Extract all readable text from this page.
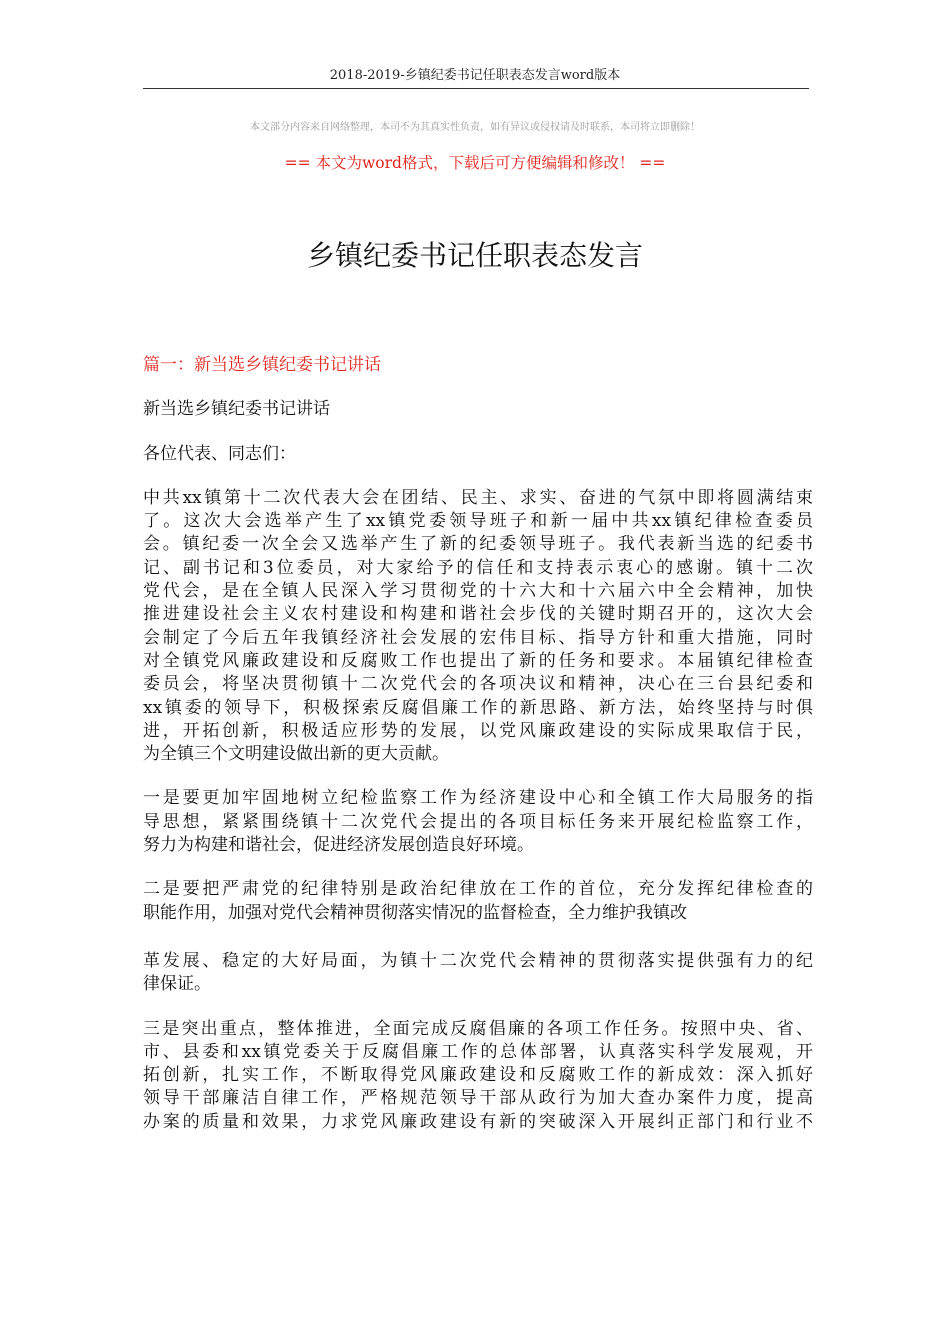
2018-2019-乡镇纪委书记任职表态发言word版本
本文部分内容来自网络整理，本司不为其真实性负责，如有异议或侵权请及时联系，本司将立即删除！
== 本文为word格式，下载后可方便编辑和修改！ ==
乡镇纪委书记任职表态发言

篇一：新当选乡镇纪委书记讲话

新当选乡镇纪委书记讲话

各位代表、同志们：

中共xx镇第十二次代表大会在团结、民主、求实、奋进的气氛中即将圆满结束
了。这次大会选举产生了xx镇党委领导班子和新一届中共xx镇纪律检查委员
会。镇纪委一次全会又选举产生了新的纪委领导班子。我代表新当选的纪委书
记、副书记和3位委员，对大家给予的信任和支持表示衷心的感谢。镇十二次
党代会，是在全镇人民深入学习贯彻党的十六大和十六届六中全会精神，加快
推进建设社会主义农村建设和构建和谐社会步伐的关键时期召开的，这次大会
会制定了今后五年我镇经济社会发展的宏伟目标、指导方针和重大措施，同时
对全镇党风廉政建设和反腐败工作也提出了新的任务和要求。本届镇纪律检查
委员会，将坚决贯彻镇十二次党代会的各项决议和精神，决心在三台县纪委和
xx镇委的领导下，积极探索反腐倡廉工作的新思路、新方法，始终坚持与时俱
进，开拓创新，积极适应形势的发展，以党风廉政建设的实际成果取信于民，
为全镇三个文明建设做出新的更大贡献。

一是要更加牢固地树立纪检监察工作为经济建设中心和全镇工作大局服务的指
导思想，紧紧围绕镇十二次党代会提出的各项目标任务来开展纪检监察工作，
努力为构建和谐社会，促进经济发展创造良好环境。

二是要把严肃党的纪律特别是政治纪律放在工作的首位，充分发挥纪律检查的
职能作用，加强对党代会精神贯彻落实情况的监督检查，全力维护我镇改

革发展、稳定的大好局面，为镇十二次党代会精神的贯彻落实提供强有力的纪
律保证。

三是突出重点，整体推进，全面完成反腐倡廉的各项工作任务。按照中央、省、
市、县委和xx镇党委关于反腐倡廉工作的总体部署，认真落实科学发展观，开
拓创新，扎实工作，不断取得党风廉政建设和反腐败工作的新成效：深入抓好
领导干部廉洁自律工作，严格规范领导干部从政行为加大查办案件力度，提高
办案的质量和效果，力求党风廉政建设有新的突破深入开展纠正部门和行业不
